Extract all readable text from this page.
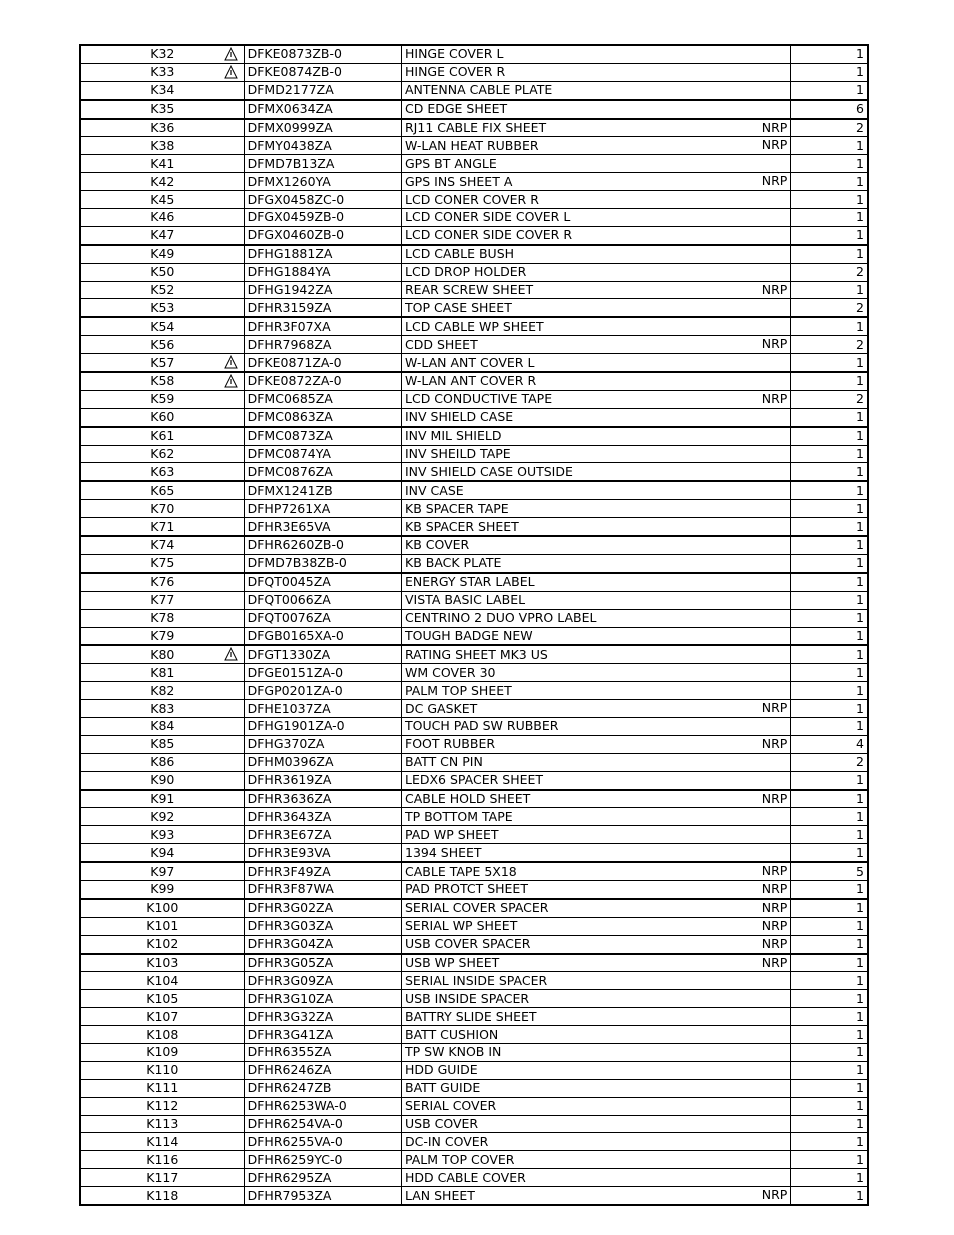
K32	DFKE0873ZB-0	HINGE COVER L	1
K33	DFKE0874ZB-0	HINGE COVER R	1
K34	DFMD2177ZA	ANTENNA CABLE PLATE	1
K35	DFMX0634ZA	CD EDGE SHEET	6
K36	DFMX0999ZA	RJ11 CABLE FIX SHEET NRP	2
K38	DFMY0438ZA	W-LAN HEAT RUBBER NRP	1
K41	DFMD7B13ZA	GPS BT ANGLE	1
K42	DFMX1260YA	GPS INS SHEET A NRP	1
K45	DFGX0458ZC-0	LCD CONER COVER R	1
K46	DFGX0459ZB-0	LCD CONER SIDE COVER L	1
K47	DFGX0460ZB-0	LCD CONER SIDE COVER R	1
K49	DFHG1881ZA	LCD CABLE BUSH	1
K50	DFHG1884YA	LCD DROP HOLDER	2
K52	DFHG1942ZA	REAR SCREW SHEET NRP	1
K53	DFHR3159ZA	TOP CASE SHEET	2
K54	DFHR3F07XA	LCD CABLE WP SHEET	1
K56	DFHR7968ZA	CDD SHEET NRP	2
K57	DFKE0871ZA-0	W-LAN ANT COVER L	1
K58	DFKE0872ZA-0	W-LAN ANT COVER R	1
K59	DFMC0685ZA	LCD CONDUCTIVE TAPE NRP	2
K60	DFMC0863ZA	INV SHIELD CASE	1
K61	DFMC0873ZA	INV MIL SHIELD	1
K62	DFMC0874YA	INV SHEILD TAPE	1
K63	DFMC0876ZA	INV SHIELD CASE OUTSIDE	1
K65	DFMX1241ZB	INV CASE	1
K70	DFHP7261XA	KB SPACER TAPE	1
K71	DFHR3E65VA	KB SPACER SHEET	1
K74	DFHR6260ZB-0	KB COVER	1
K75	DFMD7B38ZB-0	KB BACK PLATE	1
K76	DFQT0045ZA	ENERGY STAR LABEL	1
K77	DFQT0066ZA	VISTA BASIC LABEL	1
K78	DFQT0076ZA	CENTRINO 2 DUO VPRO LABEL	1
K79	DFGB0165XA-0	TOUGH BADGE NEW	1
K80	DFGT1330ZA	RATING SHEET MK3 US	1
K81	DFGE0151ZA-0	WM COVER 30	1
K82	DFGP0201ZA-0	PALM TOP SHEET	1
K83	DFHE1037ZA	DC GASKET NRP	1
K84	DFHG1901ZA-0	TOUCH PAD SW RUBBER	1
K85	DFHG370ZA	FOOT RUBBER NRP	4
K86	DFHM0396ZA	BATT CN PIN	2
K90	DFHR3619ZA	LEDX6 SPACER SHEET	1
K91	DFHR3636ZA	CABLE HOLD SHEET NRP	1
K92	DFHR3643ZA	TP BOTTOM TAPE	1
K93	DFHR3E67ZA	PAD WP SHEET	1
K94	DFHR3E93VA	1394 SHEET	1
K97	DFHR3F49ZA	CABLE TAPE 5X18 NRP	5
K99	DFHR3F87WA	PAD PROTCT SHEET NRP	1
K100	DFHR3G02ZA	SERIAL COVER SPACER NRP	1
K101	DFHR3G03ZA	SERIAL WP SHEET NRP	1
K102	DFHR3G04ZA	USB COVER SPACER NRP	1
K103	DFHR3G05ZA	USB WP SHEET NRP	1
K104	DFHR3G09ZA	SERIAL INSIDE SPACER	1
K105	DFHR3G10ZA	USB INSIDE SPACER	1
K107	DFHR3G32ZA	BATTRY SLIDE SHEET	1
K108	DFHR3G41ZA	BATT CUSHION	1
K109	DFHR6355ZA	TP SW KNOB IN	1
K110	DFHR6246ZA	HDD GUIDE	1
K111	DFHR6247ZB	BATT GUIDE	1
K112	DFHR6253WA-0	SERIAL COVER	1
K113	DFHR6254VA-0	USB COVER	1
K114	DFHR6255VA-0	DC-IN COVER	1
K116	DFHR6259YC-0	PALM TOP COVER	1
K117	DFHR6295ZA	HDD CABLE COVER	1
K118	DFHR7953ZA	LAN SHEET NRP	1
